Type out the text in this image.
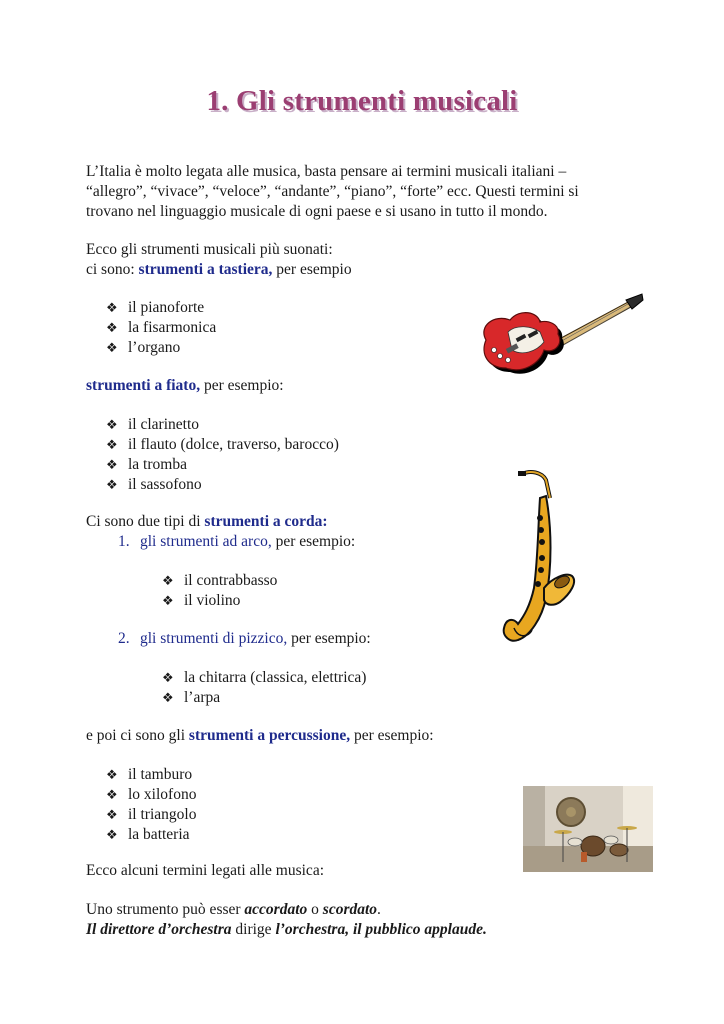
1. Gli strumenti musicali
L’Italia è molto legata alle musica, basta pensare ai termini musicali italiani –
“allegro”, “vivace”, “veloce”, “andante”, “piano”, “forte” ecc. Questi termini si
trovano nel linguaggio musicale di ogni paese e si usano in tutto il mondo.
Ecco gli strumenti musicali più suonati:
ci sono: strumenti a tastiera, per esempio
❖ il pianoforte
❖ la fisarmonica
❖ l’organo
strumenti a fiato, per esempio:
❖ il clarinetto
❖ il flauto (dolce, traverso, barocco)
❖ la tromba
❖ il sassofono
Ci sono due tipi di strumenti a corda:
1. gli strumenti ad arco, per esempio:
❖ il contrabbasso
❖ il violino
2. gli strumenti di pizzico, per esempio:
❖ la chitarra (classica, elettrica)
❖ l’arpa
e poi ci sono gli strumenti a percussione, per esempio:
❖ il tamburo
❖ lo xilofono
❖ il triangolo
❖ la batteria
Ecco alcuni termini legati alle musica:
Uno strumento può esser accordato o scordato.
Il direttore d’orchestra dirige l’orchestra, il pubblico applaude.
